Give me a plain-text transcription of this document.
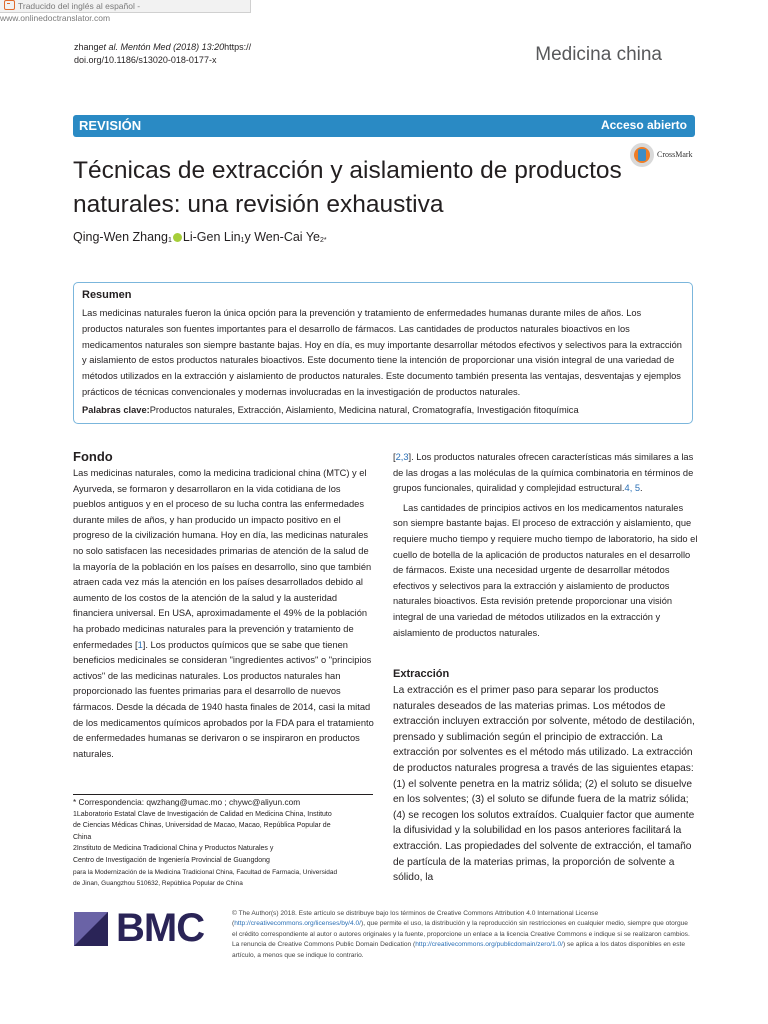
Traducido del inglés al español - www.onlinedoctranslator.com
zhanget al. Mentón Med (2018) 13:20https://
doi.org/10.1186/s13020-018-0177-x	Medicina china
REVISIÓN	Acceso abierto
CrossMark
Técnicas de extracción y aislamiento de productos naturales: una revisión exhaustiva
Qing-Wen Zhang$_1$ Li-Gen Lin$_1$y Wen-Cai $Ye_{2*}$
Resumen

Las medicinas naturales fueron la única opción para la prevención y tratamiento de enfermedades humanas durante miles de años. Los productos naturales son fuentes importantes para el desarrollo de fármacos. Las cantidades de productos naturales bioactivos en los medicamentos naturales son siempre bastante bajas. Hoy en día, es muy importante desarrollar métodos efectivos y selectivos para la extracción y aislamiento de estos productos naturales bioactivos. Este documento tiene la intención de proporcionar una visión integral de una variedad de métodos utilizados en la extracción y aislamiento de productos naturales. Este documento también presenta las ventajas, desventajas y ejemplos prácticos de técnicas convencionales y modernas involucradas en la investigación de productos naturales.

Palabras clave:Productos naturales, Extracción, Aislamiento, Medicina natural, Cromatografía, Investigación fitoquímica
Fondo
Las medicinas naturales, como la medicina tradicional china (MTC) y el Ayurveda, se formaron y desarrollaron en la vida cotidiana de los pueblos antiguos y en el proceso de su lucha contra las enfermedades durante miles de años, y han producido un impacto positivo en el progreso de la civilización humana. Hoy en día, las medicinas naturales no solo satisfacen las necesidades primarias de atención de la salud de la mayoría de la población en los países en desarrollo, sino que también atraen cada vez más la atención en los países desarrollados debido al aumento de los costos de la atención de la salud y la austeridad financiera universal. En USA, aproximadamente el 49% de la población ha probado medicinas naturales para la prevención y tratamiento de enfermedades [1]. Los productos químicos que se sabe que tienen beneficios medicinales se consideran "ingredientes activos" o "principios activos" de las medicinas naturales. Los productos naturales han proporcionado las fuentes primarias para el desarrollo de nuevos fármacos. Desde la década de 1940 hasta finales de 2014, casi la mitad de los medicamentos químicos aprobados por la FDA para el tratamiento de enfermedades humanas se derivaron o se inspiraron en productos naturales.
[2,3]. Los productos naturales ofrecen características más similares a las de las drogas a las moléculas de la química combinatoria en términos de grupos funcionales, quiralidad y complejidad estructural.4, 5.
Las cantidades de principios activos en los medicamentos naturales son siempre bastante bajas. El proceso de extracción y aislamiento, que requiere mucho tiempo y requiere mucho tiempo de laboratorio, ha sido el cuello de botella de la aplicación de productos naturales en el desarrollo de fármacos. Existe una necesidad urgente de desarrollar métodos efectivos y selectivos para la extracción y aislamiento de productos naturales bioactivos. Esta revisión pretende proporcionar una visión integral de una variedad de métodos utilizados en la extracción y aislamiento de productos naturales.
Extracción
La extracción es el primer paso para separar los productos naturales deseados de las materias primas. Los métodos de extracción incluyen extracción por solvente, método de destilación, prensado y sublimación según el principio de extracción. La extracción por solventes es el método más utilizado. La extracción de productos naturales progresa a través de las siguientes etapas: (1) el solvente penetra en la matriz sólida; (2) el soluto se disuelve en los solventes; (3) el soluto se difunde fuera de la matriz sólida; (4) se recogen los solutos extraídos. Cualquier factor que aumente la difusividad y la solubilidad en los pasos anteriores facilitará la extracción. Las propiedades del solvente de extracción, el tamaño de partícula de la materias primas, la proporción de solvente a sólido, la
* Correspondencia: qwzhang@umac.mo ; chywc@aliyun.com
1Laboratorio Estatal Clave de Investigación de Calidad en Medicina China, Instituto
de Ciencias Médicas Chinas, Universidad de Macao, Macao, República Popular de
China
2Instituto de Medicina Tradicional China y Productos Naturales y
Centro de Investigación de Ingeniería Provincial de Guangdong
para la Modernización de la Medicina Tradicional China, Facultad de Farmacia, Universidad
de Jinan, Guangzhou 510632, República Popular de China
BMC	© The Author(s) 2018. Este artículo se distribuye bajo los términos de Creative Commons Attribution 4.0 International License (http://creativecommons.org/licenses/by/4.0/), que permite el uso, la distribución y la reproducción sin restricciones en cualquier medio, siempre que otorgue el crédito correspondiente al autor o autores originales y la fuente, proporcione un enlace a la licencia Creative Commons e indique si se realizaron cambios. La renuncia de Creative Commons Public Domain Dedication (http://creativecommons.org/publicdomain/zero/1.0/) se aplica a los datos disponibles en este artículo, a menos que se indique lo contrario.
